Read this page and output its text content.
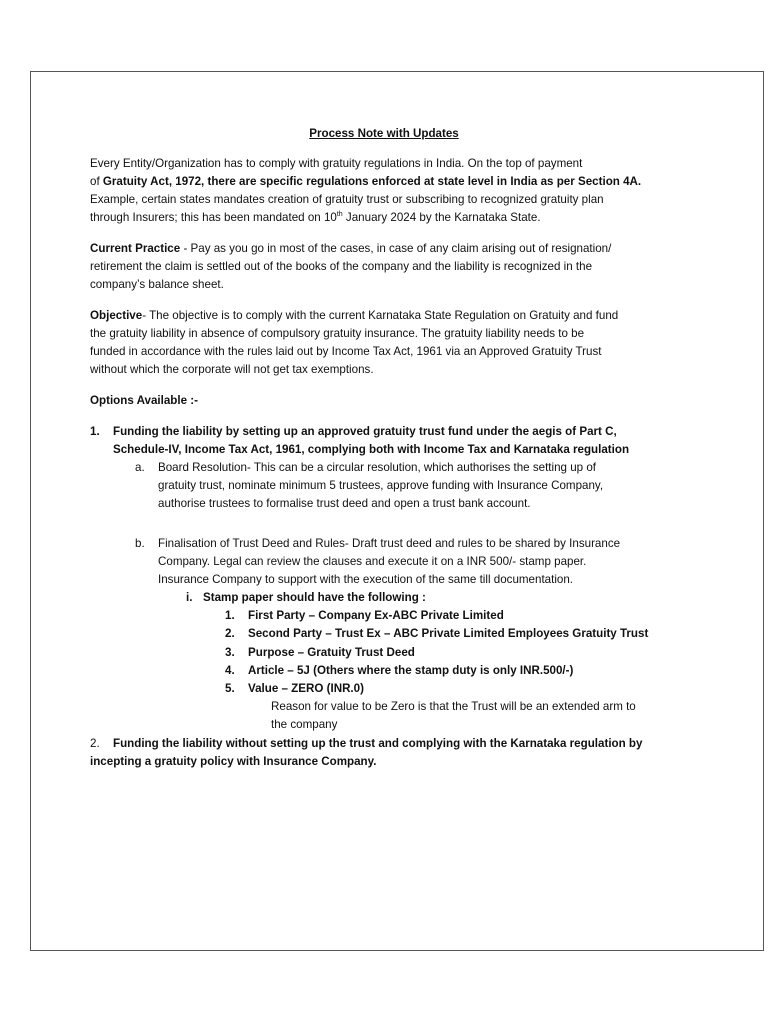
Process Note with Updates
Every Entity/Organization has to comply with gratuity regulations in India. On the top of payment
of Gratuity Act, 1972, there are specific regulations enforced at state level in India as per Section 4A.
Example, certain states mandates creation of gratuity trust or subscribing to recognized gratuity plan
through Insurers; this has been mandated on 10th January 2024 by the Karnataka State.
Current Practice - Pay as you go in most of the cases, in case of any claim arising out of resignation/
retirement the claim is settled out of the books of the company and the liability is recognized in the
company’s balance sheet.
Objective- The objective is to comply with the current Karnataka State Regulation on Gratuity and fund
the gratuity liability in absence of compulsory gratuity insurance. The gratuity liability needs to be
funded in accordance with the rules laid out by Income Tax Act, 1961 via an Approved Gratuity Trust
without which the corporate will not get tax exemptions.
Options Available :-
1. Funding the liability by setting up an approved gratuity trust fund under the aegis of Part C,
Schedule-IV, Income Tax Act, 1961, complying both with Income Tax and Karnataka regulation
a. Board Resolution- This can be a circular resolution, which authorises the setting up of
gratuity trust, nominate minimum 5 trustees, approve funding with Insurance Company,
authorise trustees to formalise trust deed and open a trust bank account.
b. Finalisation of Trust Deed and Rules- Draft trust deed and rules to be shared by Insurance
Company. Legal can review the clauses and execute it on a INR 500/- stamp paper.
Insurance Company to support with the execution of the same till documentation.
i. Stamp paper should have the following :
1. First Party – Company Ex-ABC Private Limited
2. Second Party – Trust Ex – ABC Private Limited Employees Gratuity Trust
3. Purpose – Gratuity Trust Deed
4. Article – 5J (Others where the stamp duty is only INR.500/-)
5. Value – ZERO (INR.0)
Reason for value to be Zero is that the Trust will be an extended arm to
the company
2. Funding the liability without setting up the trust and complying with the Karnataka regulation by
incepting a gratuity policy with Insurance Company.
